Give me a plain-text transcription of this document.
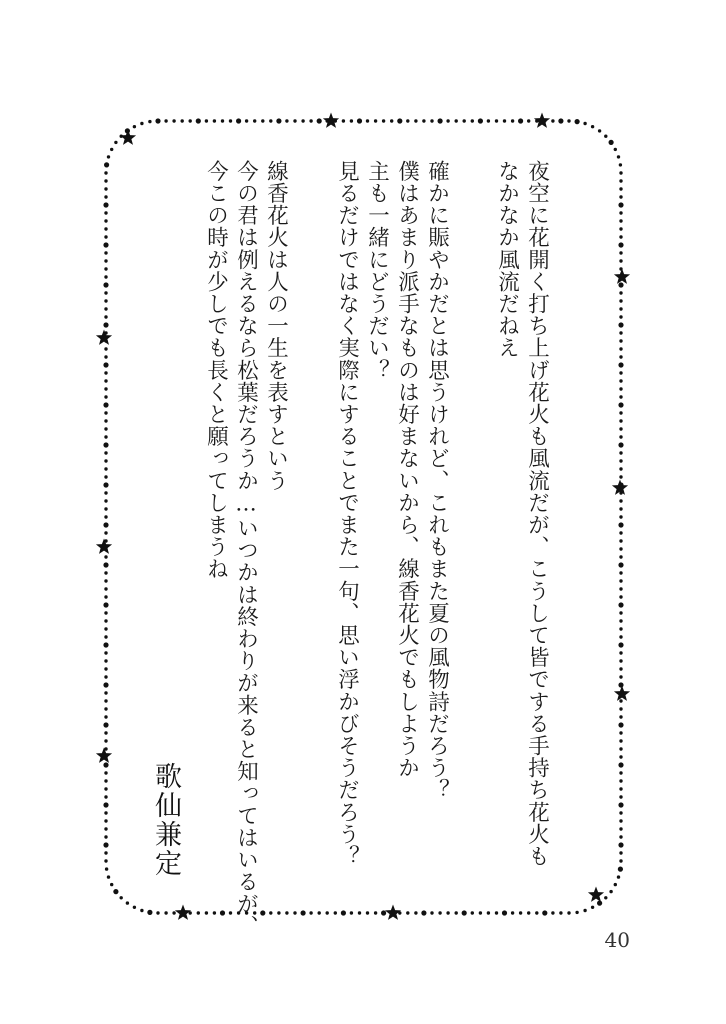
夜空に花開く打ち上げ花火も風流だが、こうして皆でする手持ち花火も
なかなか風流だねえ
確かに賑やかだとは思うけれど、これもまた夏の風物詩だろう？
僕はあまり派手なものは好まないから、線香花火でもしようか
主も一緒にどうだい？
見るだけではなく実際にすることでまた一句、思い浮かびそうだろう？
線香花火は人の一生を表すという
今の君は例えるなら松葉だろうか…いつかは終わりが来ると知ってはいるが、
今この時が少しでも長くと願ってしまうね
歌仙兼定
40
